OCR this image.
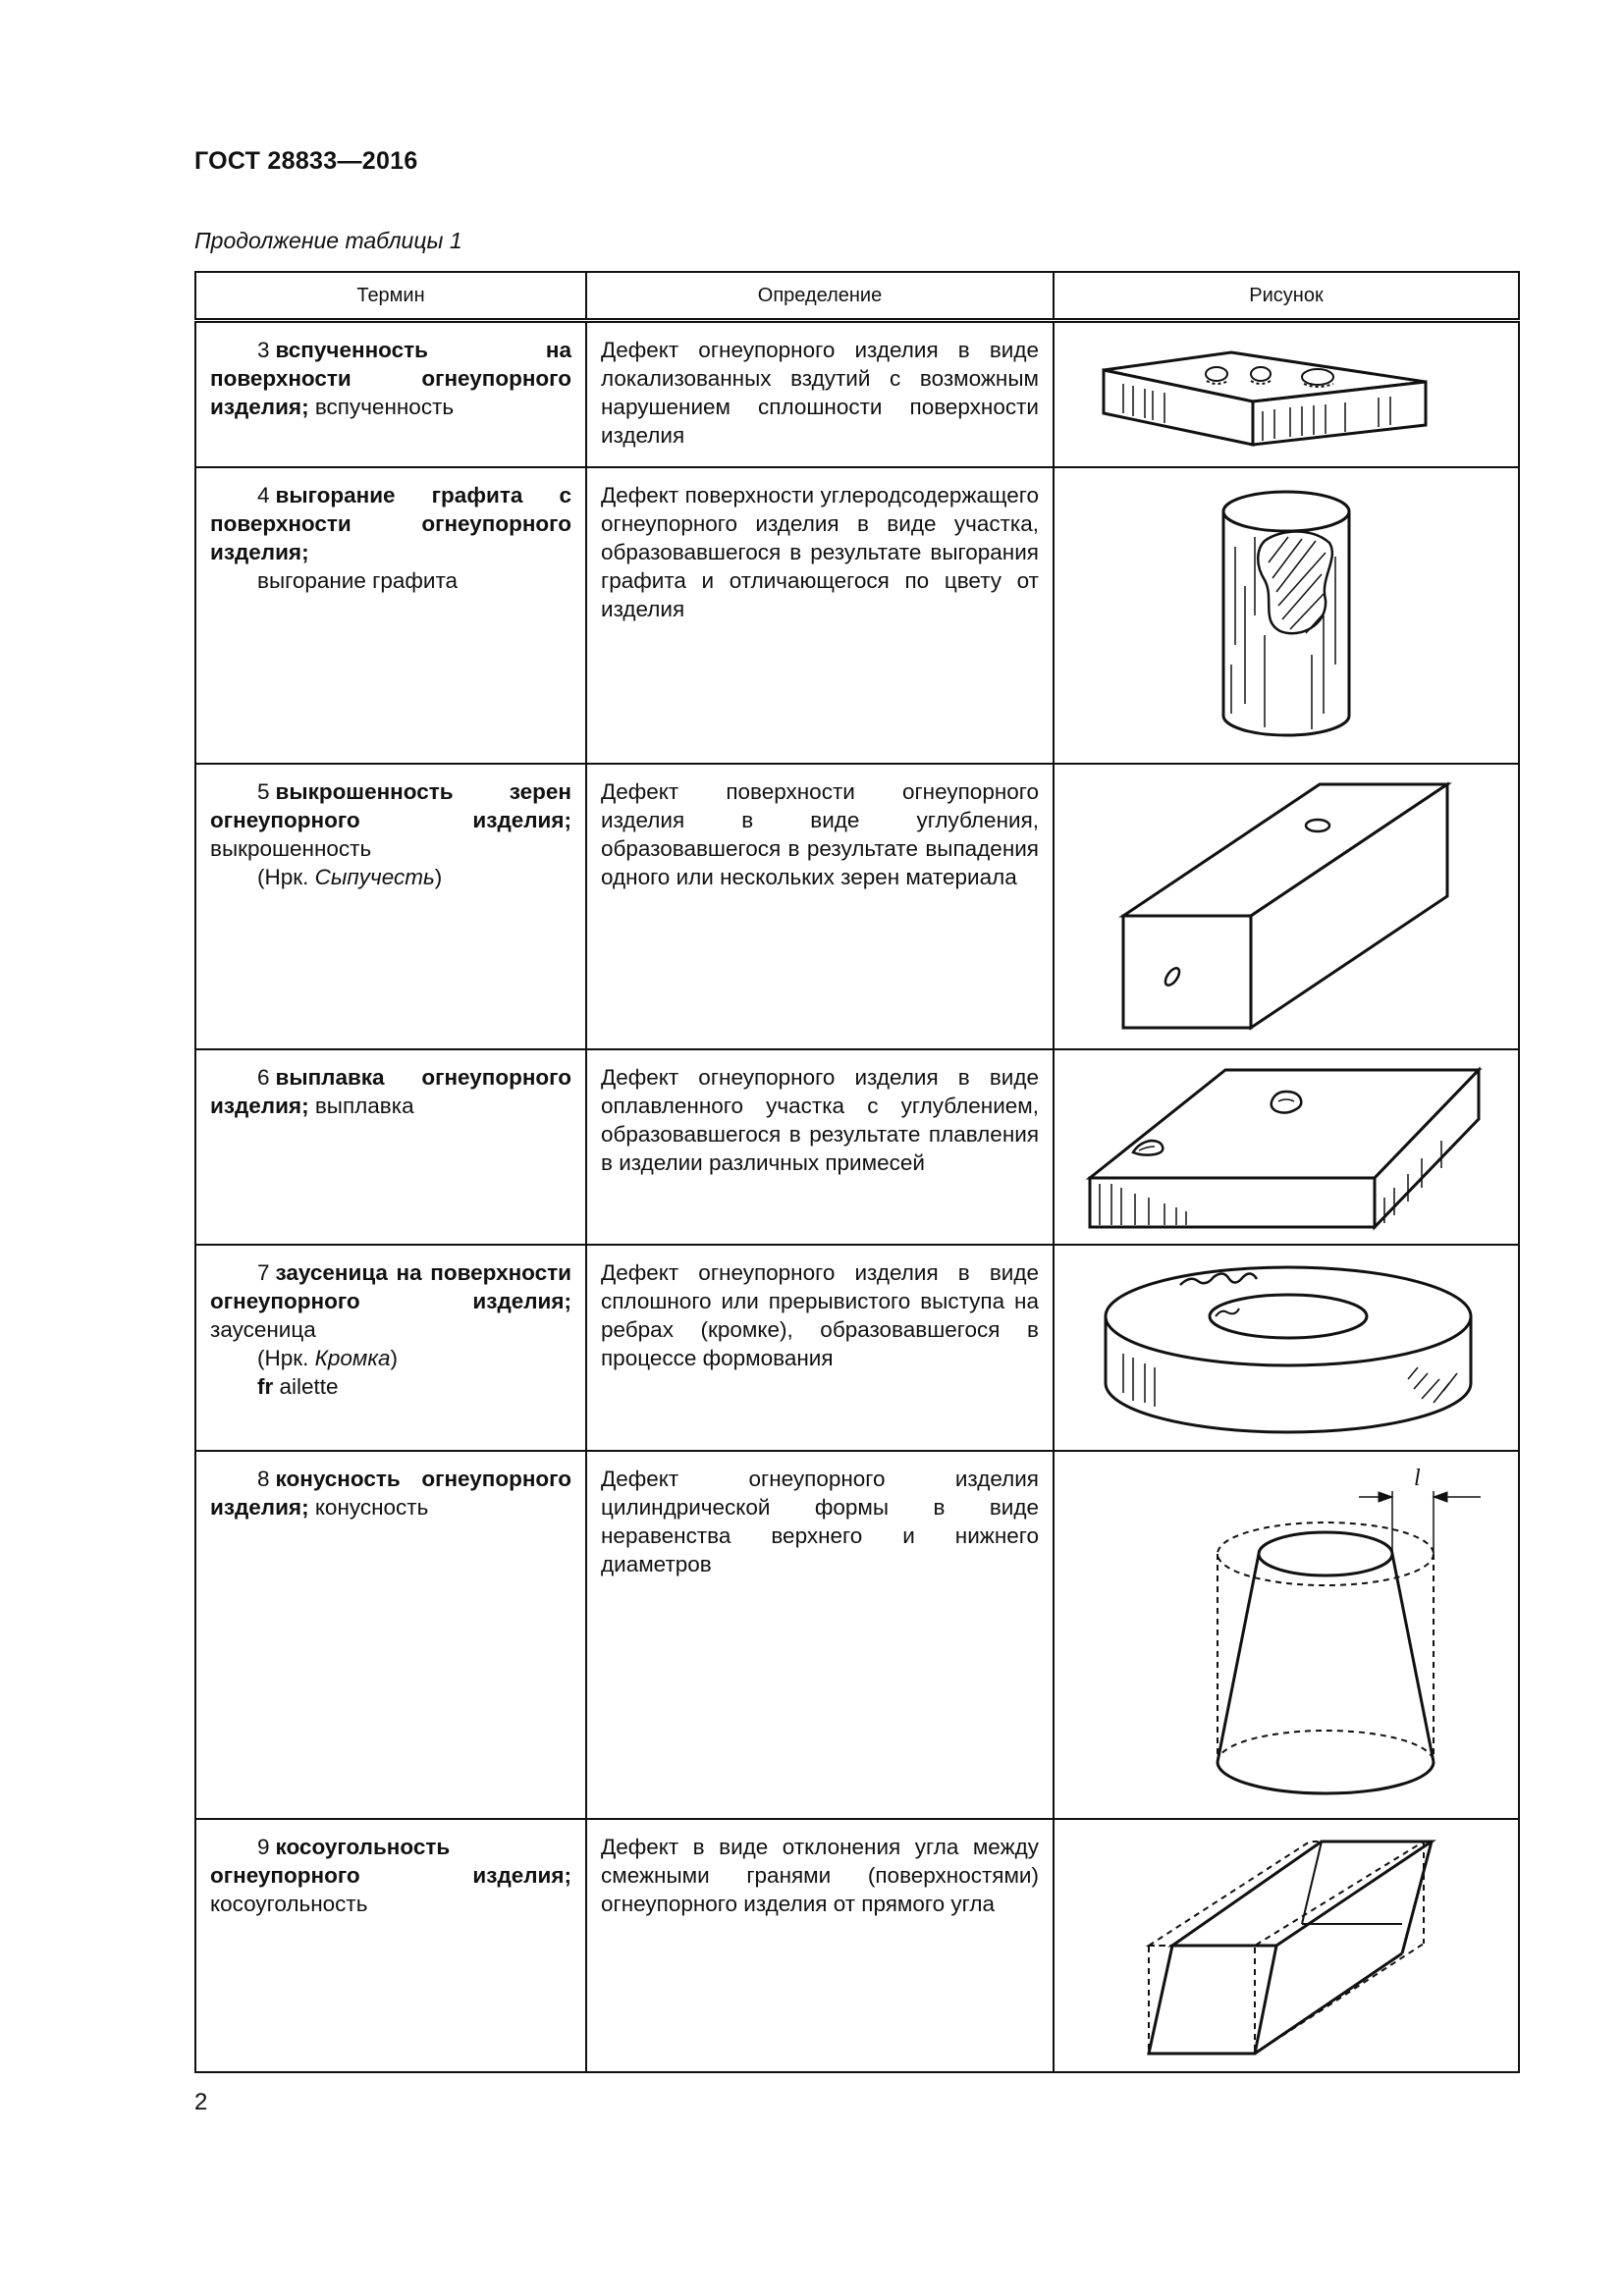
ГОСТ 28833—2016
Продолжение таблицы 1
Термин	Определение	Рисунок

3 вспученность на поверхности огнеупорного изделия; вспученность	Дефект огнеупорного изделия в виде локализованных вздутий с возможным нарушением сплошности поверхности изделия	

4 выгорание графита с поверхности огнеупорного изделия;
выгорание графита	Дефект поверхности углеродсодержащего огнеупорного изделия в виде участка, образовавшегося в результате выгорания графита и отличающегося по цвету от изделия	

5 выкрошенность зерен огнеупорного изделия; выкрошенность
(Нрк. Сыпучесть)	Дефект поверхности огнеупорного изделия в виде углубления, образовавшегося в результате выпадения одного или нескольких зерен материала	

6 выплавка огнеупорного изделия; выплавка	Дефект огнеупорного изделия в виде оплавленного участка с углублением, образовавшегося в результате плавления в изделии различных примесей	

7 заусеница на поверхности огнеупорного изделия; заусеница
(Нрк. Кромка)
fr ailette	Дефект огнеупорного изделия в виде сплошного или прерывистого выступа на ребрах (кромке), образовавшегося в процессе формования	

8 конусность огнеупорного изделия; конусность	Дефект огнеупорного изделия цилиндрической формы в виде неравенства верхнего и нижнего диаметров	l

9 косоугольность огнеупорного изделия; косоугольность	Дефект в виде отклонения угла между смежными гранями (поверхностями) огнеупорного изделия от прямого угла	
2
